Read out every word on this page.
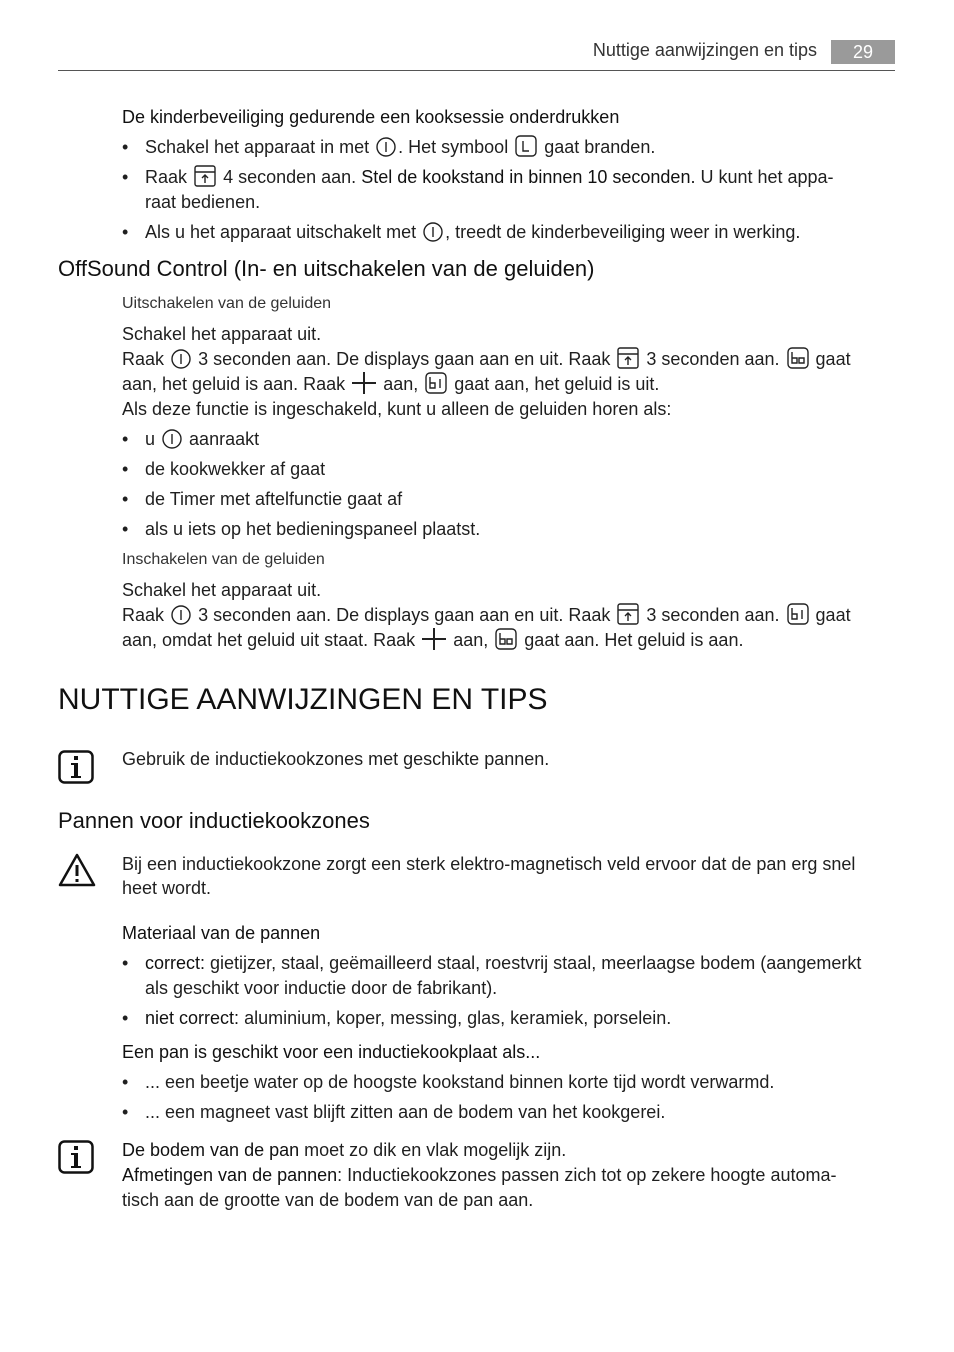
Nuttige aanwijzingen en tips	29
De kinderbeveiliging gedurende een kooksessie onderdrukken
• Schakel het apparaat in met . Het symbool gaat branden.
• Raak 4 seconden aan. Stel de kookstand in binnen 10 seconden. U kunt het appa-
raat bedienen.
• Als u het apparaat uitschakelt met , treedt de kinderbeveiliging weer in werking.
OffSound Control (In- en uitschakelen van de geluiden)
Uitschakelen van de geluiden
Schakel het apparaat uit.
Raak 3 seconden aan. De displays gaan aan en uit. Raak 3 seconden aan. gaat
aan, het geluid is aan. Raak aan, gaat aan, het geluid is uit.
Als deze functie is ingeschakeld, kunt u alleen de geluiden horen als:
• u aanraakt
• de kookwekker af gaat
• de Timer met aftelfunctie gaat af
• als u iets op het bedieningspaneel plaatst.
Inschakelen van de geluiden
Schakel het apparaat uit.
Raak 3 seconden aan. De displays gaan aan en uit. Raak 3 seconden aan. gaat
aan, omdat het geluid uit staat. Raak aan, gaat aan. Het geluid is aan.
NUTTIGE AANWIJZINGEN EN TIPS
Gebruik de inductiekookzones met geschikte pannen.
Pannen voor inductiekookzones
Bij een inductiekookzone zorgt een sterk elektro-magnetisch veld ervoor dat de pan erg snel
heet wordt.
Materiaal van de pannen
• correct: gietijzer, staal, geëmailleerd staal, roestvrij staal, meerlaagse bodem (aangemerkt
als geschikt voor inductie door de fabrikant).
• niet correct: aluminium, koper, messing, glas, keramiek, porselein.
Een pan is geschikt voor een inductiekookplaat als...
• ... een beetje water op de hoogste kookstand binnen korte tijd wordt verwarmd.
• ... een magneet vast blijft zitten aan de bodem van het kookgerei.
De bodem van de pan moet zo dik en vlak mogelijk zijn.
Afmetingen van de pannen: Inductiekookzones passen zich tot op zekere hoogte automa-
tisch aan de grootte van de bodem van de pan aan.
